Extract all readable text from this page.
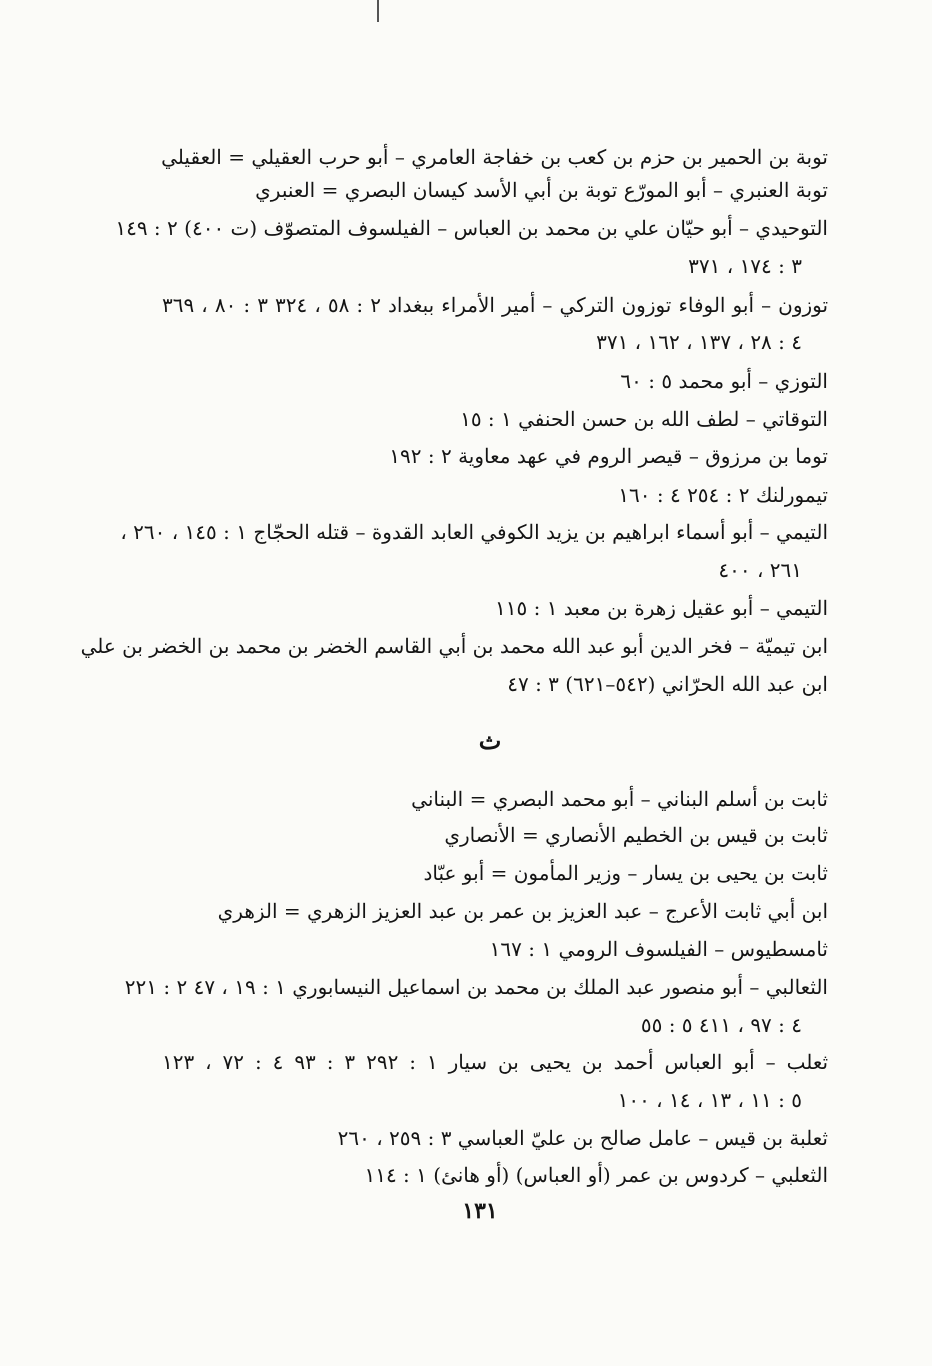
توبة بن الحمير بن حزم بن كعب بن خفاجة العامري – أبو حرب العقيلي = العقيلي
توبة العنبري – أبو المورّع توبة بن أبي الأسد كيسان البصري = العنبري
التوحيدي – أبو حيّان علي بن محمد بن العباس – الفيلسوف المتصوّف (ت ٤٠٠) ٢ : ١٤٩
٣ : ١٧٤ ، ٣٧١
توزون – أبو الوفاء توزون التركي – أمير الأمراء ببغداد ٢ : ٥٨ ، ٣٢٤ ٣ : ٨٠ ، ٣٦٩
٤ : ٢٨ ، ١٣٧ ، ١٦٢ ، ٣٧١
التوزي – أبو محمد ٥ : ٦٠
التوقاتي – لطف الله بن حسن الحنفي ١ : ١٥
توما بن مرزوق – قيصر الروم في عهد معاوية ٢ : ١٩٢
تيمورلنك ٢ : ٢٥٤ ٤ : ١٦٠
التيمي – أبو أسماء ابراهيم بن يزيد الكوفي العابد القدوة – قتله الحجّاج ١ : ١٤٥ ، ٢٦٠ ،
٢٦١ ، ٤٠٠
التيمي – أبو عقيل زهرة بن معبد ١ : ١١٥
ابن تيميّة – فخر الدين أبو عبد الله محمد بن أبي القاسم الخضر بن محمد بن الخضر بن علي
ابن عبد الله الحرّاني (٥٤٢–٦٢١) ٣ : ٤٧
ث
ثابت بن أسلم البناني – أبو محمد البصري = البناني
ثابت بن قيس بن الخطيم الأنصاري = الأنصاري
ثابت بن يحيى بن يسار – وزير المأمون = أبو عبّاد
ابن أبي ثابت الأعرج – عبد العزيز بن عمر بن عبد العزيز الزهري = الزهري
ثامسطيوس – الفيلسوف الرومي ١ : ١٦٧
الثعالبي – أبو منصور عبد الملك بن محمد بن اسماعيل النيسابوري ١ : ١٩ ، ٤٧ ٢ : ٢٢١
٤ : ٩٧ ، ٤١١ ٥ : ٥٥
ثعلب – أبو العباس أحمد بن يحيى بن سيار ١ : ٢٩٢ ٣ : ٩٣ ٤ : ٧٢ ، ١٢٣
٥ : ١١ ، ١٣ ، ١٤ ، ١٠٠
ثعلبة بن قيس – عامل صالح بن عليّ العباسي ٣ : ٢٥٩ ، ٢٦٠
الثعلبي – كردوس بن عمر (أو العباس) (أو هانئ) ١ : ١١٤
١٣١
